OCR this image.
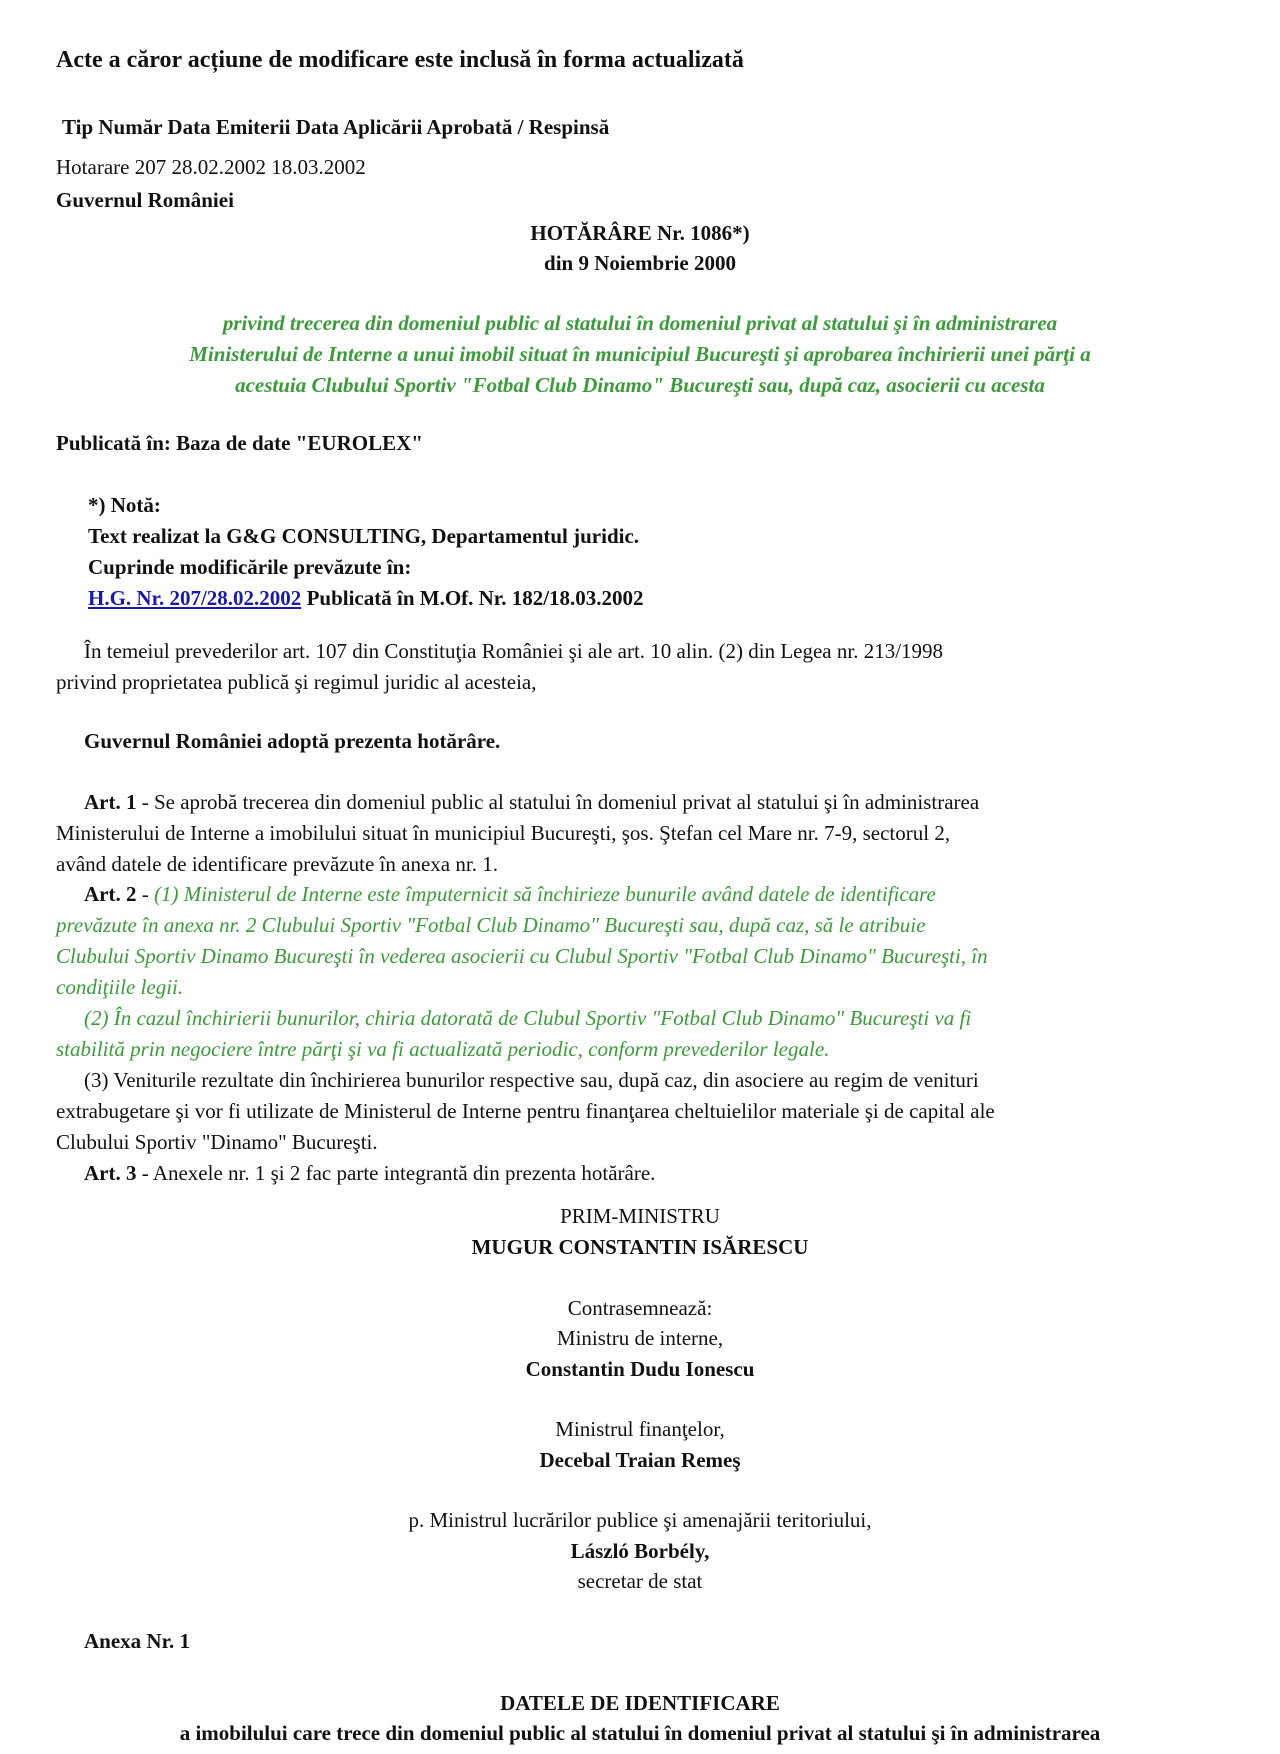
Acte a căror acțiune de modificare este inclusă în forma actualizată
Tip Număr Data Emiterii Data Aplicării Aprobată / Respinsă
Hotarare 207 28.02.2002 18.03.2002
Guvernul României
HOTĂRÂRE Nr. 1086*)
din 9 Noiembrie 2000
privind trecerea din domeniul public al statului în domeniul privat al statului şi în administrarea
Ministerului de Interne a unui imobil situat în municipiul Bucureşti şi aprobarea închirierii unei părţi a
acestuia Clubului Sportiv "Fotbal Club Dinamo" Bucureşti sau, după caz, asocierii cu acesta
Publicată în: Baza de date "EUROLEX"
*) Notă:
Text realizat la G&G CONSULTING, Departamentul juridic.
Cuprinde modificările prevăzute în:
H.G. Nr. 207/28.02.2002 Publicată în M.Of. Nr. 182/18.03.2002
În temeiul prevederilor art. 107 din Constituţia României şi ale art. 10 alin. (2) din Legea nr. 213/1998
privind proprietatea publică şi regimul juridic al acesteia,
Guvernul României adoptă prezenta hotărâre.
Art. 1 - Se aprobă trecerea din domeniul public al statului în domeniul privat al statului şi în administrarea
Ministerului de Interne a imobilului situat în municipiul Bucureşti, şos. Ştefan cel Mare nr. 7-9, sectorul 2,
având datele de identificare prevăzute în anexa nr. 1.
Art. 2 - (1) Ministerul de Interne este împuternicit să închirieze bunurile având datele de identificare
prevăzute în anexa nr. 2 Clubului Sportiv "Fotbal Club Dinamo" Bucureşti sau, după caz, să le atribuie
Clubului Sportiv Dinamo Bucureşti în vederea asocierii cu Clubul Sportiv "Fotbal Club Dinamo" Bucureşti, în
condiţiile legii.
(2) În cazul închirierii bunurilor, chiria datorată de Clubul Sportiv "Fotbal Club Dinamo" Bucureşti va fi
stabilită prin negociere între părţi şi va fi actualizată periodic, conform prevederilor legale.
(3) Veniturile rezultate din închirierea bunurilor respective sau, după caz, din asociere au regim de venituri
extrabugetare şi vor fi utilizate de Ministerul de Interne pentru finanţarea cheltuielilor materiale şi de capital ale
Clubului Sportiv "Dinamo" Bucureşti.
Art. 3 - Anexele nr. 1 şi 2 fac parte integrantă din prezenta hotărâre.
PRIM-MINISTRU
MUGUR CONSTANTIN ISĂRESCU
Contrasemnează:
Ministru de interne,
Constantin Dudu Ionescu
Ministrul finanţelor,
Decebal Traian Remeş
p. Ministrul lucrărilor publice şi amenajării teritoriului,
László Borbély,
secretar de stat
Anexa Nr. 1
DATELE DE IDENTIFICARE
a imobilului care trece din domeniul public al statului în domeniul privat al statului şi în administrarea
